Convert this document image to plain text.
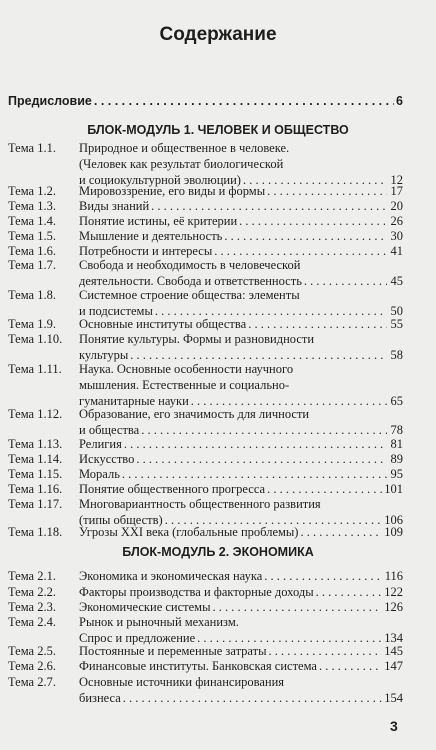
Содержание
Предисловие . . .	6
БЛОК-МОДУЛЬ 1. ЧЕЛОВЕК И ОБЩЕСТВО
БЛОК-МОДУЛЬ 2. ЭКОНОМИКА
Тема 1.1. Природное и общественное в человеке.
(Человек как результат биологической
и социокультурной эволюции) . . .	12
Тема 1.2. Мировоззрение, его виды и формы . . .	17
Тема 1.3. Виды знаний . . .	20
Тема 1.4. Понятие истины, её критерии . . .	26
Тема 1.5. Мышление и деятельность . . .	30
Тема 1.6. Потребности и интересы . . .	41
Тема 1.7. Свобода и необходимость в человеческой
деятельности. Свобода и ответственность . . .	45
Тема 1.8. Системное строение общества: элементы
и подсистемы . . .	50
Тема 1.9. Основные институты общества . . .	55
Тема 1.10. Понятие культуры. Формы и разновидности
культуры . . .	58
Тема 1.11. Наука. Основные особенности научного
мышления. Естественные и социально-
гуманитарные науки . . .	65
Тема 1.12. Образование, его значимость для личности
и общества . . .	78
Тема 1.13. Религия . . .	81
Тема 1.14. Искусство . . .	89
Тема 1.15. Мораль . . .	95
Тема 1.16. Понятие общественного прогресса . . .	101
Тема 1.17. Многовариантность общественного развития
(типы обществ) . . .	106
Тема 1.18. Угрозы XXI века (глобальные проблемы) . . .	109
Тема 2.1. Экономика и экономическая наука . . .	116
Тема 2.2. Факторы производства и факторные доходы . . .	122
Тема 2.3. Экономические системы . . .	126
Тема 2.4. Рынок и рыночный механизм.
Спрос и предложение . . .	134
Тема 2.5. Постоянные и переменные затраты . . .	145
Тема 2.6. Финансовые институты. Банковская система . . .	147
Тема 2.7. Основные источники финансирования
бизнеса . . .	154
3
